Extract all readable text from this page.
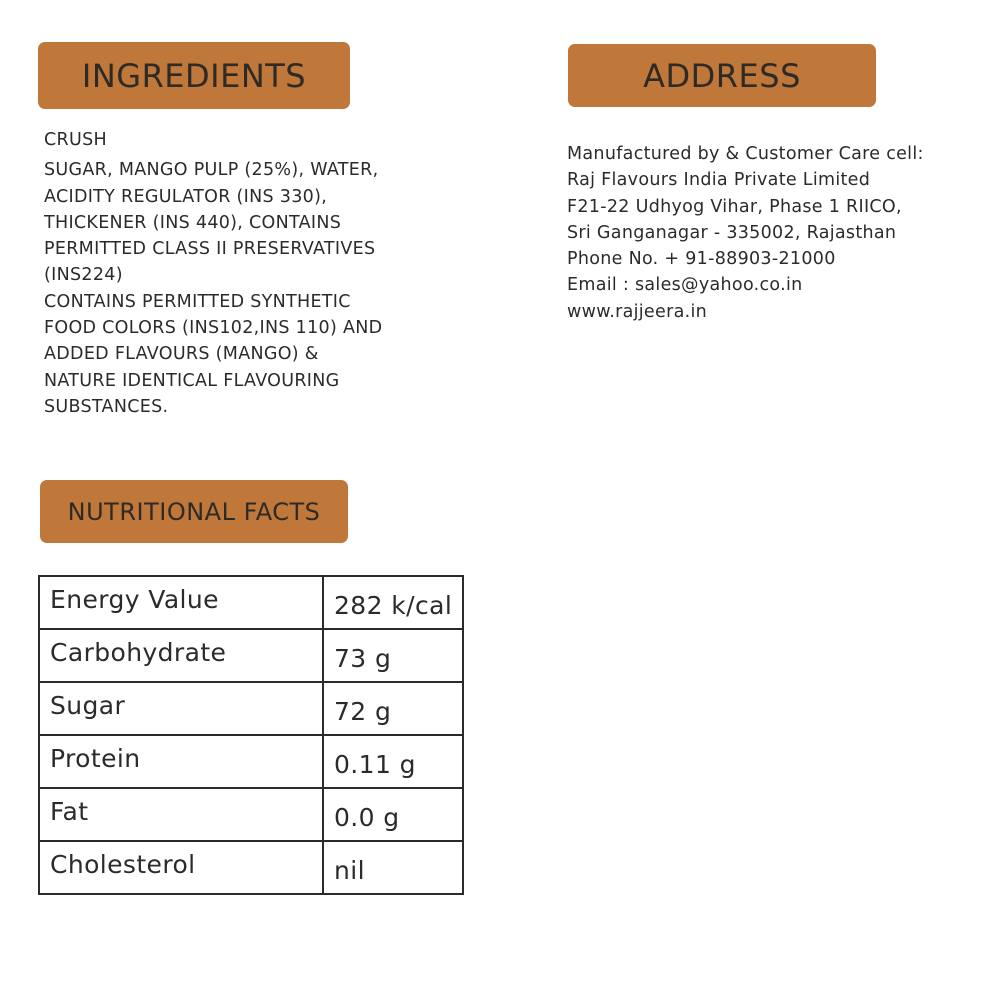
INGREDIENTS
CRUSH
SUGAR, MANGO PULP (25%), WATER,
ACIDITY REGULATOR (INS 330),
THICKENER (INS 440), CONTAINS
PERMITTED CLASS II PRESERVATIVES
(INS224)
CONTAINS PERMITTED SYNTHETIC
FOOD COLORS (INS102,INS 110) AND
ADDED FLAVOURS (MANGO) &
NATURE IDENTICAL FLAVOURING
SUBSTANCES.
ADDRESS
Manufactured by & Customer Care cell:
Raj Flavours India Private Limited
F21-22 Udhyog Vihar, Phase 1 RIICO,
Sri Ganganagar - 335002, Rajasthan
Phone No. + 91-88903-21000
Email : sales@yahoo.co.in
www.rajjeera.in
NUTRITIONAL FACTS
Energy Value	282 k/cal
Carbohydrate	73 g
Sugar	72 g
Protein	0.11 g
Fat	0.0 g
Cholesterol	nil
